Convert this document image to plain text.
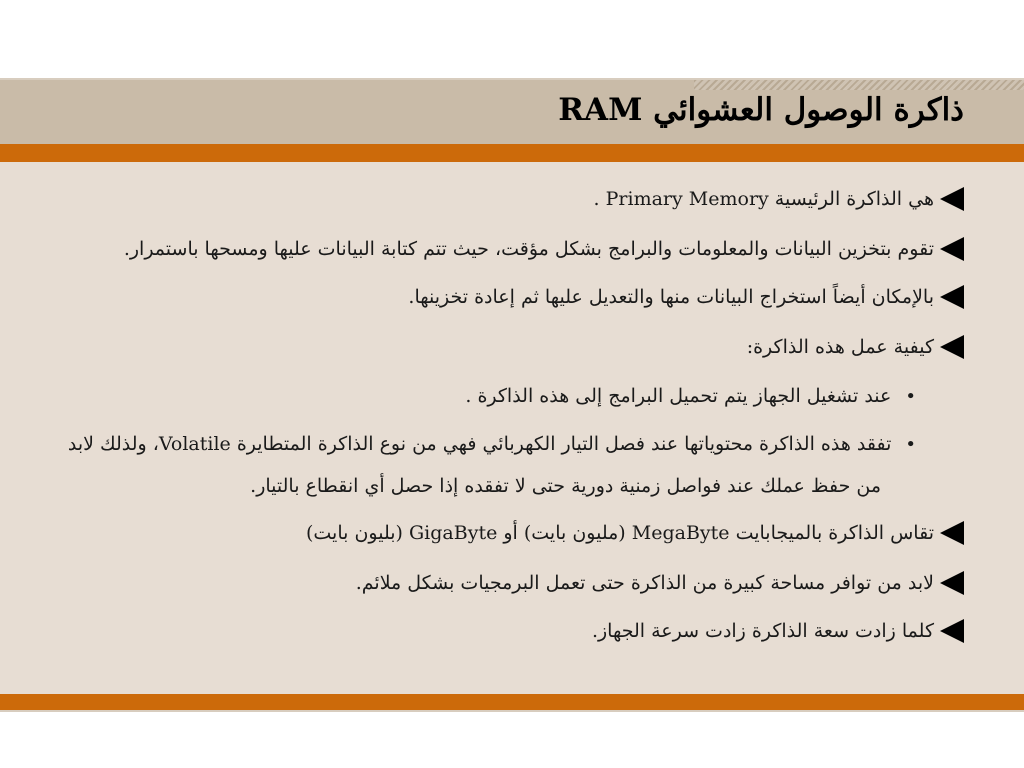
ذاكرة الوصول العشوائي RAM
هي الذاكرة الرئيسية Primary Memory .
تقوم بتخزين البيانات والمعلومات والبرامج بشكل مؤقت، حيث تتم كتابة البيانات عليها ومسحها باستمرار.
بالإمكان أيضاً استخراج البيانات منها والتعديل عليها ثم إعادة تخزينها.
كيفية عمل هذه الذاكرة:
•عند تشغيل الجهاز يتم تحميل البرامج إلى هذه الذاكرة .
•تفقد هذه الذاكرة محتوياتها عند فصل التيار الكهربائي فهي من نوع الذاكرة المتطايرة Volatile، ولذلك لابد
من حفظ عملك عند فواصل زمنية دورية حتى لا تفقده إذا حصل أي انقطاع بالتيار.
تقاس الذاكرة بالميجابايت MegaByte (مليون بايت) أو GigaByte (بليون بايت)
لابد من توافر مساحة كبيرة من الذاكرة حتى تعمل البرمجيات بشكل ملائم.
كلما زادت سعة الذاكرة زادت سرعة الجهاز.
